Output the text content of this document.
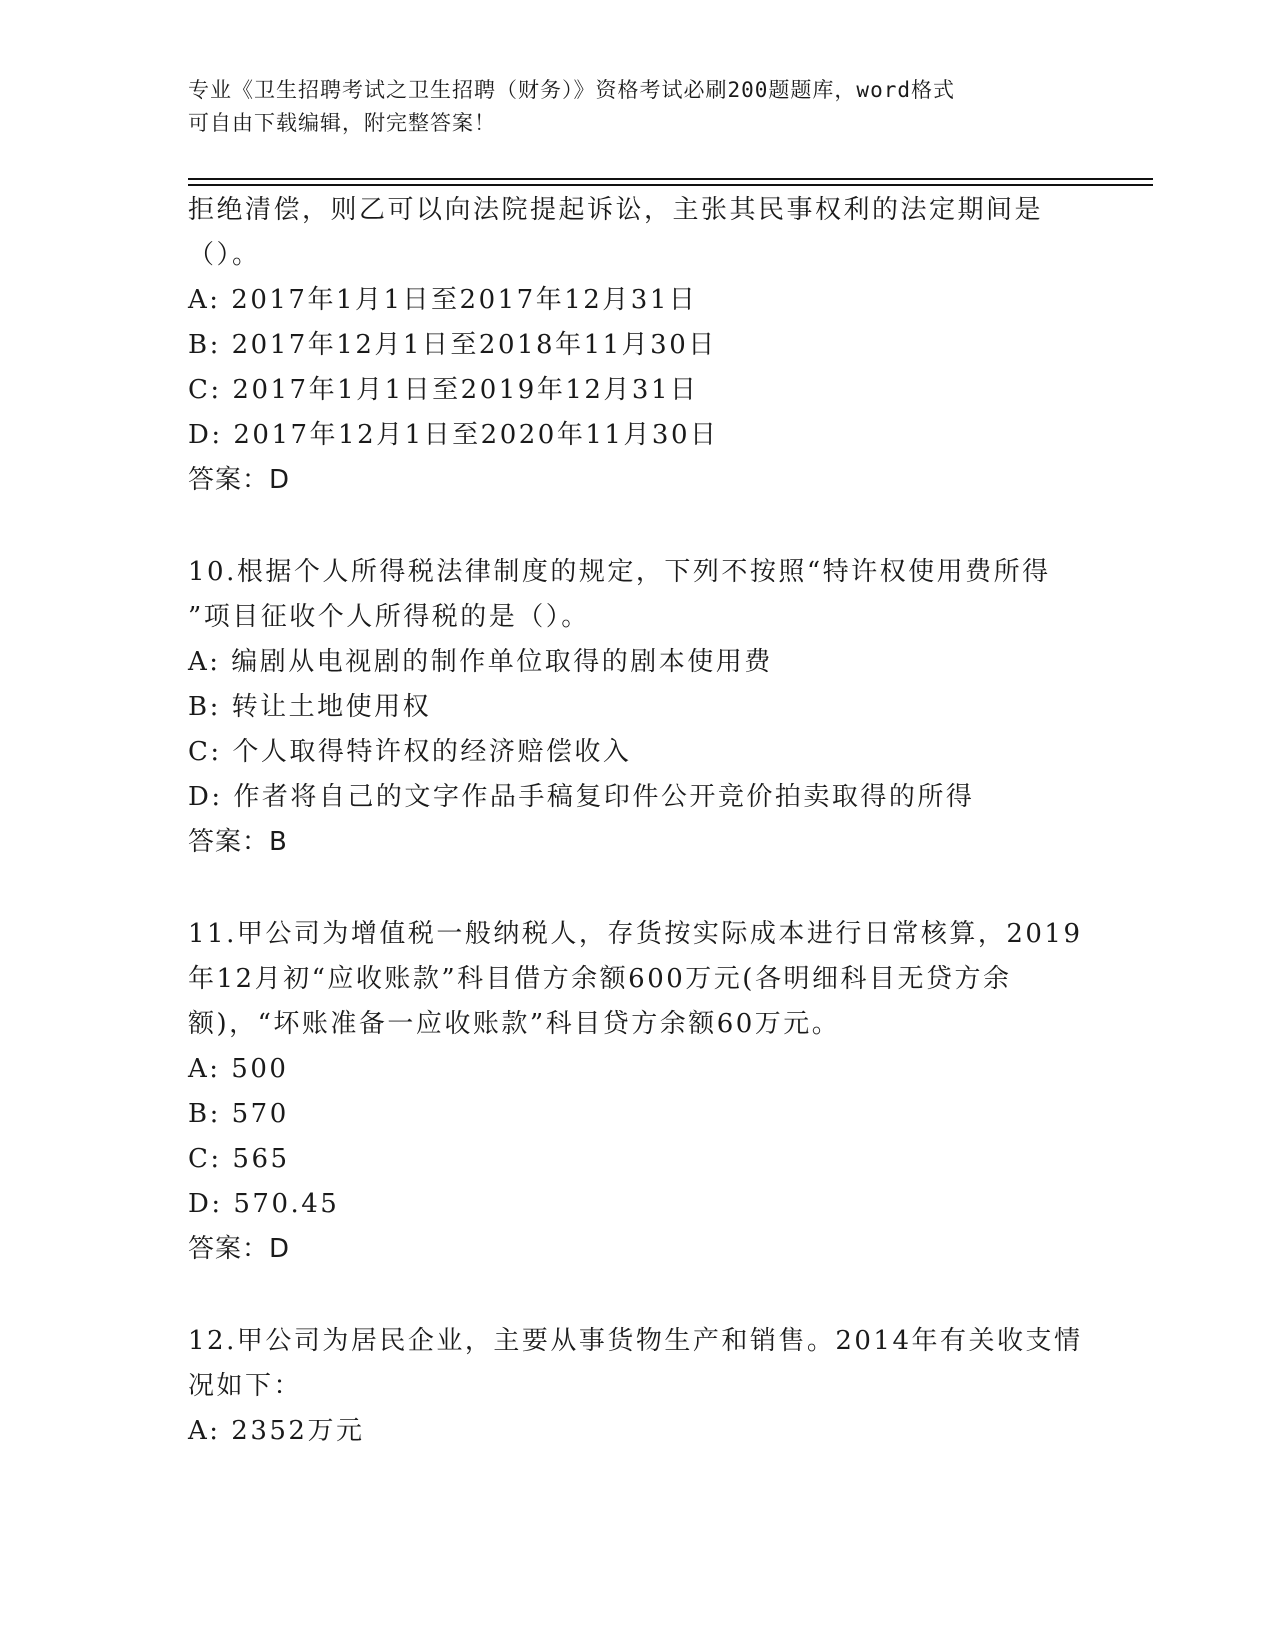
专业《卫生招聘考试之卫生招聘（财务）》资格考试必刷200题题库，word格式
可自由下载编辑，附完整答案！
拒绝清偿，则乙可以向法院提起诉讼，主张其民事权利的法定期间是
（）。
A: 2017年1月1日至2017年12月31日
B: 2017年12月1日至2018年11月30日
C: 2017年1月1日至2019年12月31日
D: 2017年12月1日至2020年11月30日
答案：D
10.根据个人所得税法律制度的规定，下列不按照“特许权使用费所得
”项目征收个人所得税的是（）。
A: 编剧从电视剧的制作单位取得的剧本使用费
B: 转让土地使用权
C: 个人取得特许权的经济赔偿收入
D: 作者将自己的文字作品手稿复印件公开竞价拍卖取得的所得
答案：B
11.甲公司为增值税一般纳税人，存货按实际成本进行日常核算，2019
年12月初“应收账款”科目借方余额600万元(各明细科目无贷方余
额)，“坏账准备一应收账款”科目贷方余额60万元。
A: 500
B: 570
C: 565
D: 570.45
答案：D
12.甲公司为居民企业，主要从事货物生产和销售。2014年有关收支情
况如下：
A: 2352万元
